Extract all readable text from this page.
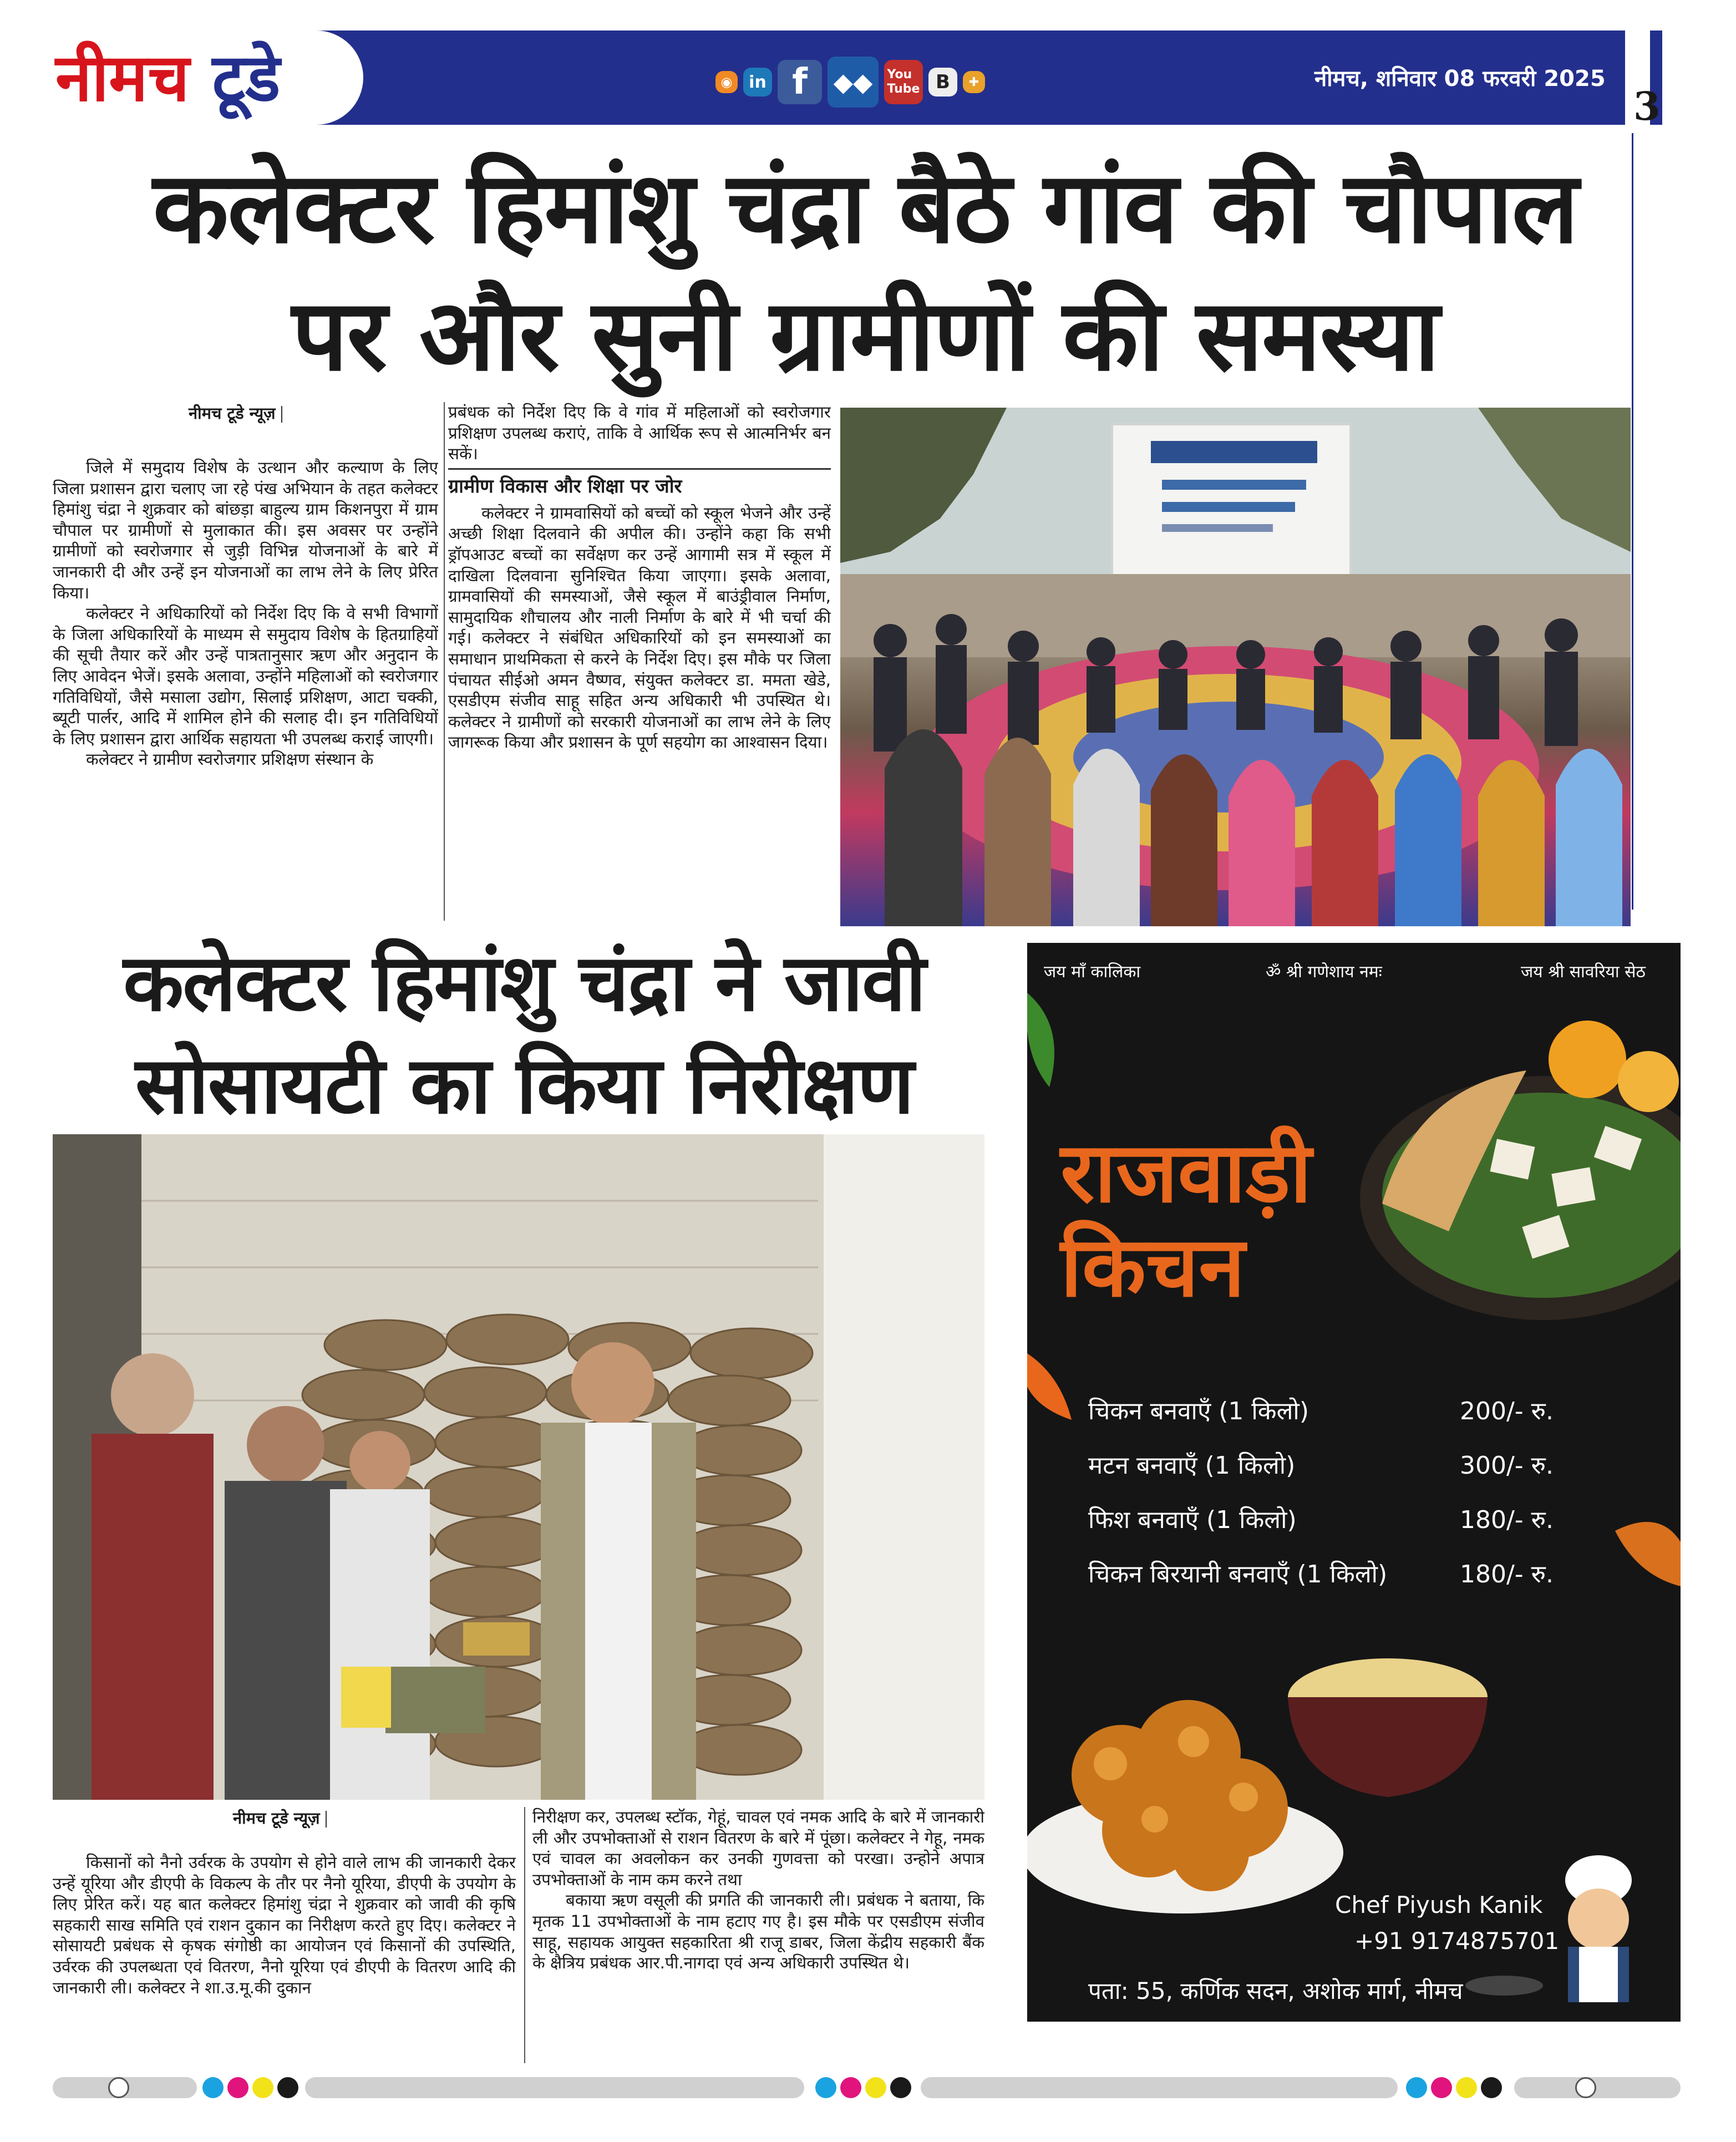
नीमच टूडे	◉ in f	◆◆	You
Tube B	✚	नीमच, शनिवार 08 फरवरी 2025
3
कलेक्टर हिमांशु चंद्रा बैठे गांव की चौपाल
पर और सुनी ग्रामीणों की समस्या
नीमच टूडे न्यूज़

जिले में समुदाय विशेष के उत्थान और कल्याण के लिए जिला प्रशासन द्वारा चलाए जा रहे पंख अभियान के तहत कलेक्टर हिमांशु चंद्रा ने शुक्रवार को बांछड़ा बाहुल्य ग्राम किशनपुरा में ग्राम चौपाल पर ग्रामीणों से मुलाकात की। इस अवसर पर उन्होंने ग्रामीणों को स्वरोजगार से जुड़ी विभिन्न योजनाओं के बारे में जानकारी दी और उन्हें इन योजनाओं का लाभ लेने के लिए प्रेरित किया।

कलेक्टर ने अधिकारियों को निर्देश दिए कि वे सभी विभागों के जिला अधिकारियों के माध्यम से समुदाय विशेष के हितग्राहियों की सूची तैयार करें और उन्हें पात्रतानुसार ऋण और अनुदान के लिए आवेदन भेजें। इसके अलावा, उन्होंने महिलाओं को स्वरोजगार गतिविधियों, जैसे मसाला उद्योग, सिलाई प्रशिक्षण, आटा चक्की, ब्यूटी पार्लर, आदि में शामिल होने की सलाह दी। इन गतिविधियों के लिए प्रशासन द्वारा आर्थिक सहायता भी उपलब्ध कराई जाएगी।

कलेक्टर ने ग्रामीण स्वरोजगार प्रशिक्षण संस्थान के

प्रबंधक को निर्देश दिए कि वे गांव में महिलाओं को स्वरोजगार प्रशिक्षण उपलब्ध कराएं, ताकि वे आर्थिक रूप से आत्मनिर्भर बन सकें।

ग्रामीण विकास और शिक्षा पर जोर

कलेक्टर ने ग्रामवासियों को बच्चों को स्कूल भेजने और उन्हें अच्छी शिक्षा दिलवाने की अपील की। उन्होंने कहा कि सभी ड्रॉपआउट बच्चों का सर्वेक्षण कर उन्हें आगामी सत्र में स्कूल में दाखिला दिलवाना सुनिश्चित किया जाएगा। इसके अलावा, ग्रामवासियों की समस्याओं, जैसे स्कूल में बाउंड्रीवाल निर्माण, सामुदायिक शौचालय और नाली निर्माण के बारे में भी चर्चा की गई। कलेक्टर ने संबंधित अधिकारियों को इन समस्याओं का समाधान प्राथमिकता से करने के निर्देश दिए। इस मौके पर जिला पंचायत सीईओ अमन वैष्णव, संयुक्त कलेक्टर डा. ममता खेडे, एसडीएम संजीव साहू सहित अन्य अधिकारी भी उपस्थित थे। कलेक्टर ने ग्रामीणों को सरकारी योजनाओं का लाभ लेने के लिए जागरूक किया और प्रशासन के पूर्ण सहयोग का आश्वासन दिया।

कलेक्टर हिमांशु चंद्रा ने जावी
सोसायटी का किया निरीक्षण
नीमच टूडे न्यूज़

किसानों को नैनो उर्वरक के उपयोग से होने वाले लाभ की जानकारी देकर उन्हें यूरिया और डीएपी के विकल्प के तौर पर नैनो यूरिया, डीएपी के उपयोग के लिए प्रेरित करें। यह बात कलेक्टर हिमांशु चंद्रा ने शुक्रवार को जावी की कृषि सहकारी साख समिति एवं राशन दुकान का निरीक्षण करते हुए दिए। कलेक्टर ने सोसायटी प्रबंधक से कृषक संगोष्ठी का आयोजन एवं किसानों की उपस्थिति, उर्वरक की उपलब्धता एवं वितरण, नैनो यूरिया एवं डीएपी के वितरण आदि की जानकारी ली। कलेक्टर ने शा.उ.मू.की दुकान

निरीक्षण कर, उपलब्ध स्टॉक, गेहूं, चावल एवं नमक आदि के बारे में जानकारी ली और उपभोक्ताओं से राशन वितरण के बारे में पूंछा। कलेक्टर ने गेहू, नमक एवं चावल का अवलोकन कर उनकी गुणवत्ता को परखा। उन्होने अपात्र उपभोक्ताओं के नाम कम करने तथा

बकाया ऋण वसूली की प्रगति की जानकारी ली। प्रबंधक ने बताया, कि मृतक 11 उपभोक्ताओं के नाम हटाए गए है। इस मौके पर एसडीएम संजीव साहू, सहायक आयुक्त सहकारिता श्री राजू डाबर, जिला केंद्रीय सहकारी बैंक के क्षैत्रिय प्रबंधक आर.पी.नागदा एवं अन्य अधिकारी उपस्थित थे।

जय माँ कालिका	ॐ श्री गणेशाय नमः	जय श्री सावरिया सेठ
राजवाड़ी
किचन
चिकन बनवाएँ (1 किलो)	200/- रु.
मटन बनवाएँ (1 किलो)	300/- रु.
फिश बनवाएँ (1 किलो)	180/- रु.
चिकन बिरयानी बनवाएँ (1 किलो)	180/- रु.
Chef Piyush Kanik
+91 9174875701
पता: 55, कर्णिक सदन, अशोक मार्ग, नीमच
